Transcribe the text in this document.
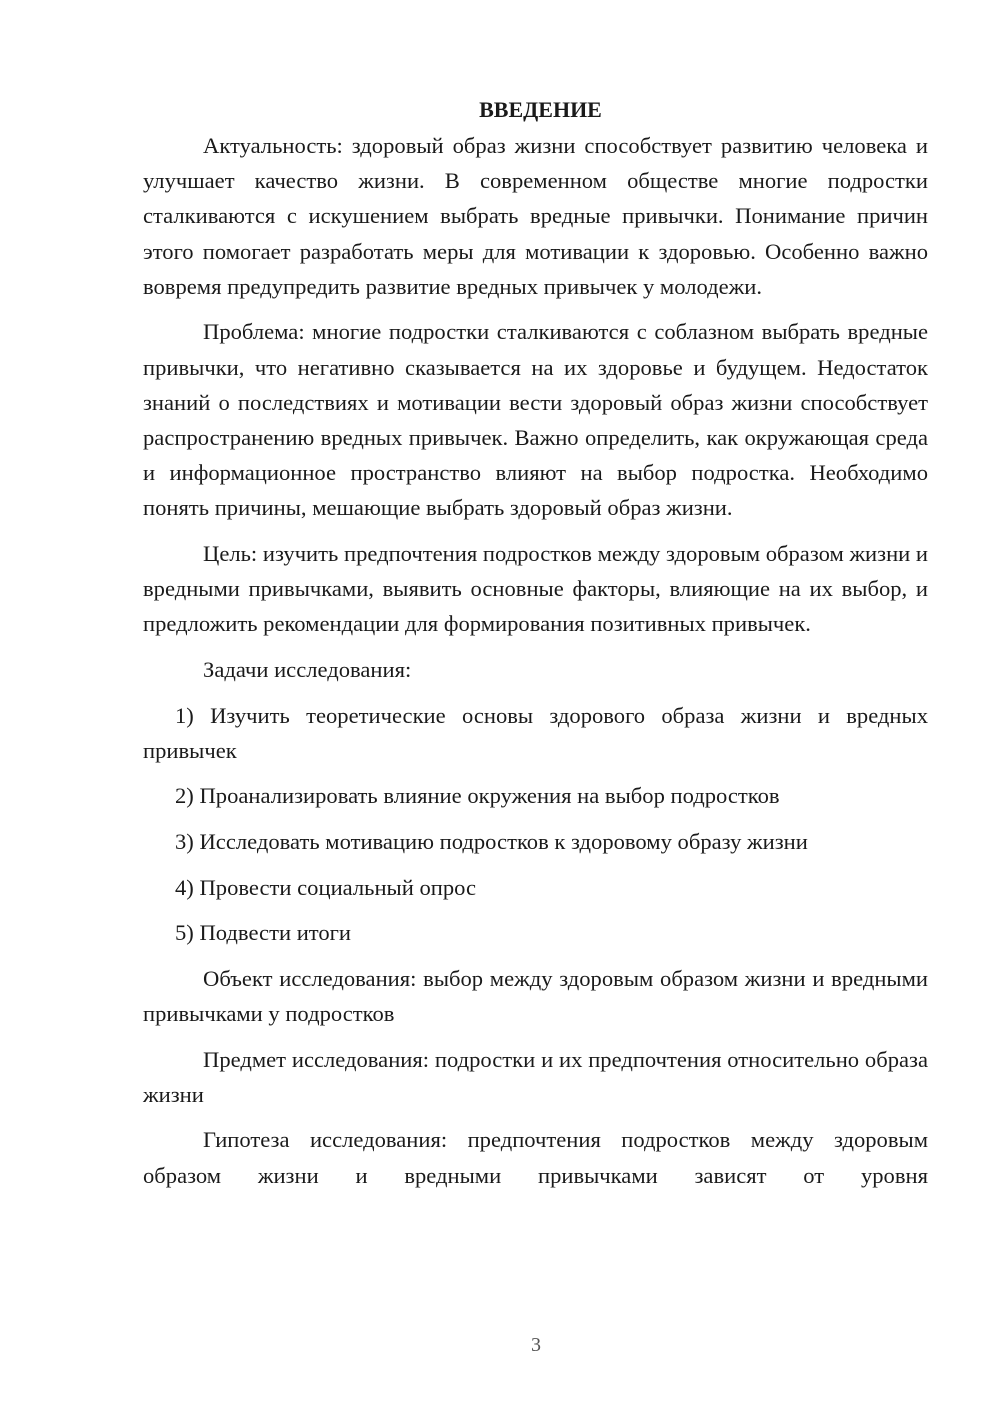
ВВЕДЕНИЕ

Актуальность: здоровый образ жизни способствует развитию человека и улучшает качество жизни. В современном обществе многие подростки сталкиваются с искушением выбрать вредные привычки. Понимание причин этого помогает разработать меры для мотивации к здоровью. Особенно важно вовремя предупредить развитие вредных привычек у молодежи.

Проблема: многие подростки сталкиваются с соблазном выбрать вредные привычки, что негативно сказывается на их здоровье и будущем. Недостаток знаний о последствиях и мотивации вести здоровый образ жизни способствует распространению вредных привычек. Важно определить, как окружающая среда и информационное пространство влияют на выбор подростка. Необходимо понять причины, мешающие выбрать здоровый образ жизни.

Цель: изучить предпочтения подростков между здоровым образом жизни и вредными привычками, выявить основные факторы, влияющие на их выбор, и предложить рекомендации для формирования позитивных привычек.

Задачи исследования:

1) Изучить теоретические основы здорового образа жизни и вредных привычек

2) Проанализировать влияние окружения на выбор подростков

3) Исследовать мотивацию подростков к здоровому образу жизни

4) Провести социальный опрос

5) Подвести итоги

Объект исследования: выбор между здоровым образом жизни и вредными привычками у подростков

Предмет исследования: подростки и их предпочтения относительно образа жизни

Гипотеза исследования: предпочтения подростков между здоровым образом жизни и вредными привычками зависят от уровня

3
